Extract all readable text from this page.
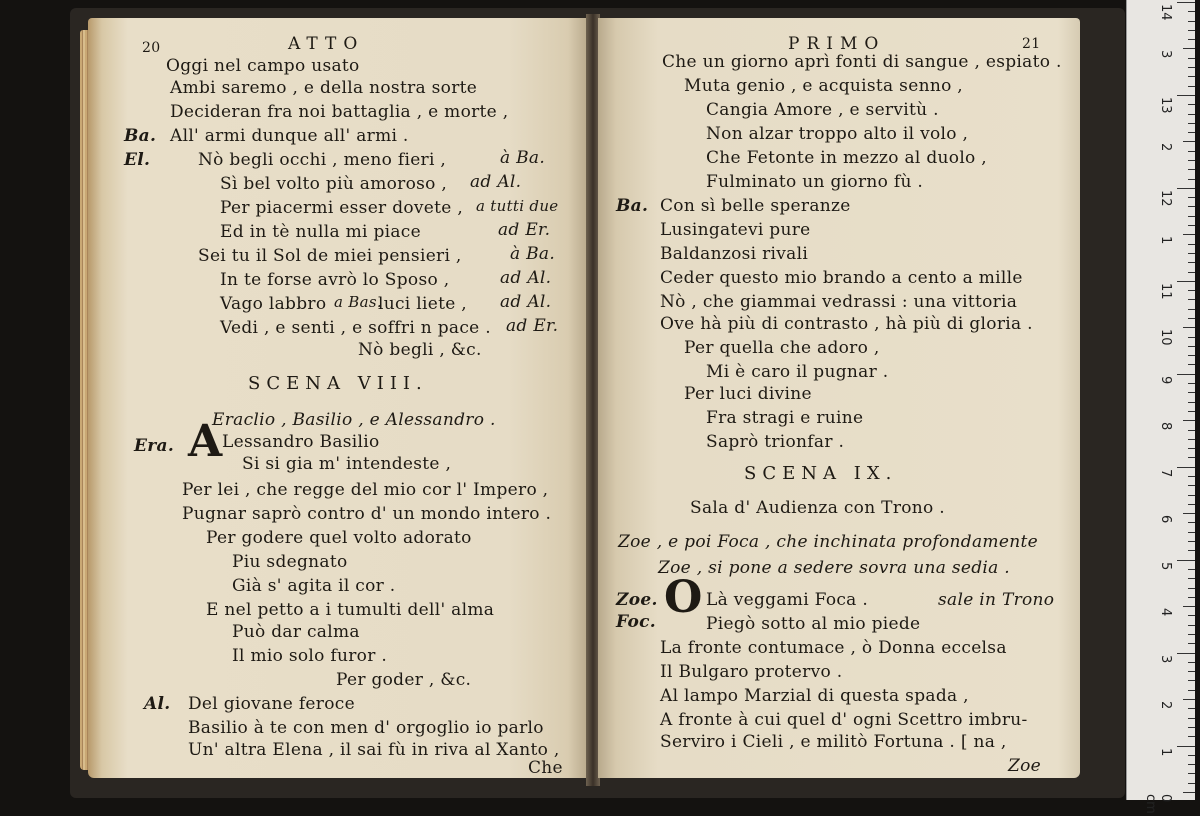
20	ATTO
Oggi nel campo usato
Ambi saremo , e della nostra sorte
Decideran fra noi battaglia , e morte ,
Ba. All' armi dunque all' armi .
El.	Nò begli occhi , meno fieri ,	à Ba.
Sì bel volto più amoroso , ad Al.
Per piacermi esser dovete , a tutti due
Ed in tè nulla mi piace	ad Er.
Sei tu il Sol de miei pensieri ,	à Ba.
In te forse avrò lo Sposo ,	ad Al.
Vago labbro a Bas.
luci liete , ad Al.
Vedi , e senti , e soffri n pace . ad Er.
Nò begli , &c.
SCENA VIII.
Eraclio , Basilio , e Alessandro .
Era. A Lessandro Basilio
Si si gia m' intendeste ,
Per lei , che regge del mio cor l' Impero ,
Pugnar saprò contro d' un mondo intero .
Per godere quel volto adorato
Piu sdegnato
Già s' agita il cor .
E nel petto a i tumulti dell' alma
Può dar calma
Il mio solo furor .
Per goder , &c.
Al. Del giovane feroce
Basilio à te con men d' orgoglio io parlo
Un' altra Elena , il sai fù in riva al Xanto ,
Che
PRIMO	21
Che un giorno aprì fonti di sangue , espiato .
Muta genio , e acquista senno ,
Cangia Amore , e servitù .
Non alzar troppo alto il volo ,
Che Fetonte in mezzo al duolo ,
Fulminato un giorno fù .
Ba. Con sì belle speranze
Lusingatevi pure
Baldanzosi rivali
Ceder questo mio brando a cento a mille
Nò , che giammai vedrassi : una vittoria
Ove hà più di contrasto , hà più di gloria .
Per quella che adoro ,
Mi è caro il pugnar .
Per luci divine
Fra stragi e ruine
Saprò trionfar .
SCENA IX.
Sala d' Audienza con Trono .
Zoe , e poi Foca , che inchinata profondamente
Zoe , si pone a sedere sovra una sedia .
Zoe.
Foc. O Là veggami Foca .	sale in Trono
Piegò sotto al mio piede
La fronte contumace , ò Donna eccelsa
Il Bulgaro protervo .
Al lampo Marzial di questa spada ,
A fronte à cui quel d' ogni Scettro imbru-
Serviro i Cieli , e militò Fortuna . [ na ,
Zoe
14
3
13
2
12
1
11
10
9
8
7
6
5
4
3
2
1
0 cm
